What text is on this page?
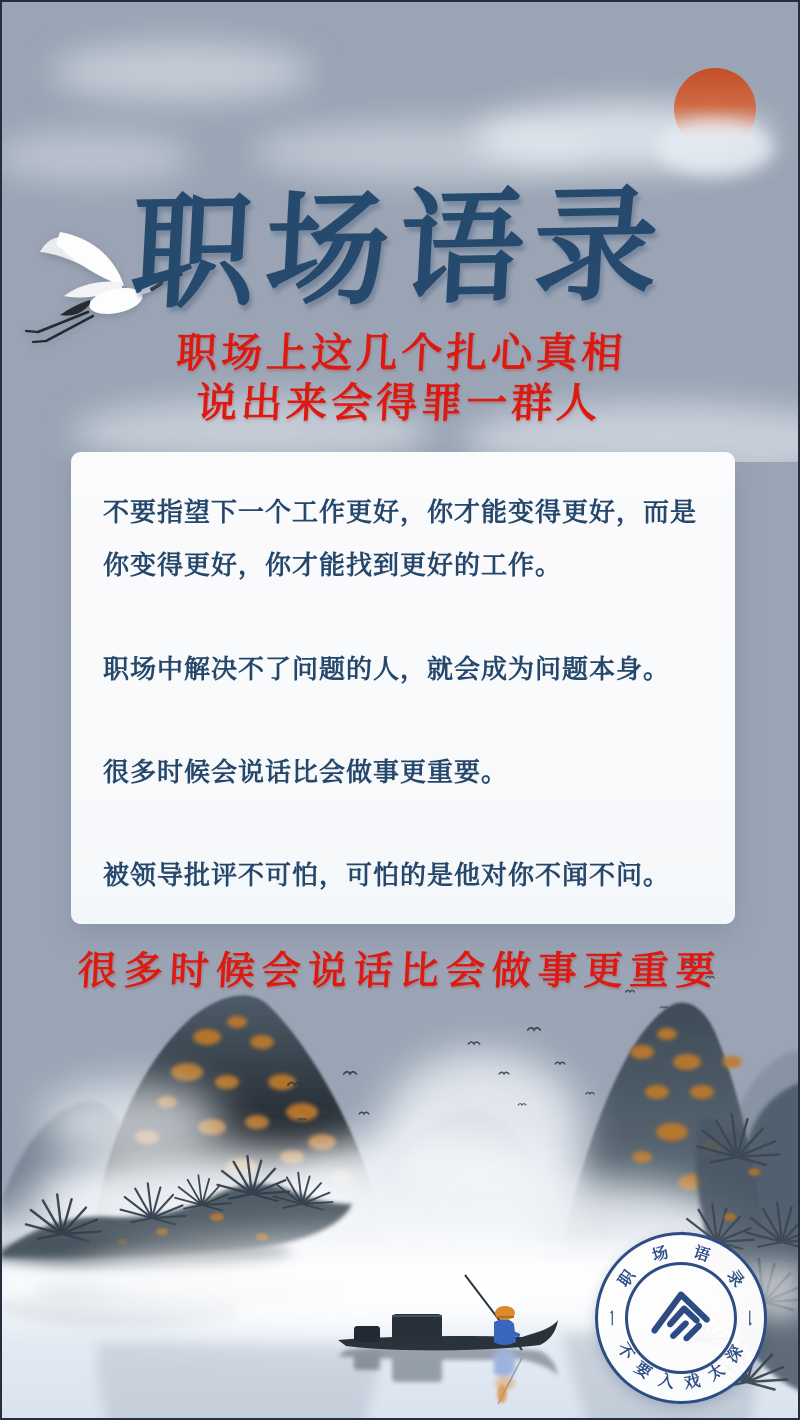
职场语录
职场上这几个扎心真相
说出来会得罪一群人

不要指望下一个工作更好，你才能变得更好，而是你变得更好，你才能找到更好的工作。

职场中解决不了问题的人，就会成为问题本身。

很多时候会说话比会做事更重要。

被领导批评不可怕，可怕的是他对你不闻不问。

很多时候会说话比会做事更重要
职
场 语
录
一
不
要 入 戏 太
深
一
